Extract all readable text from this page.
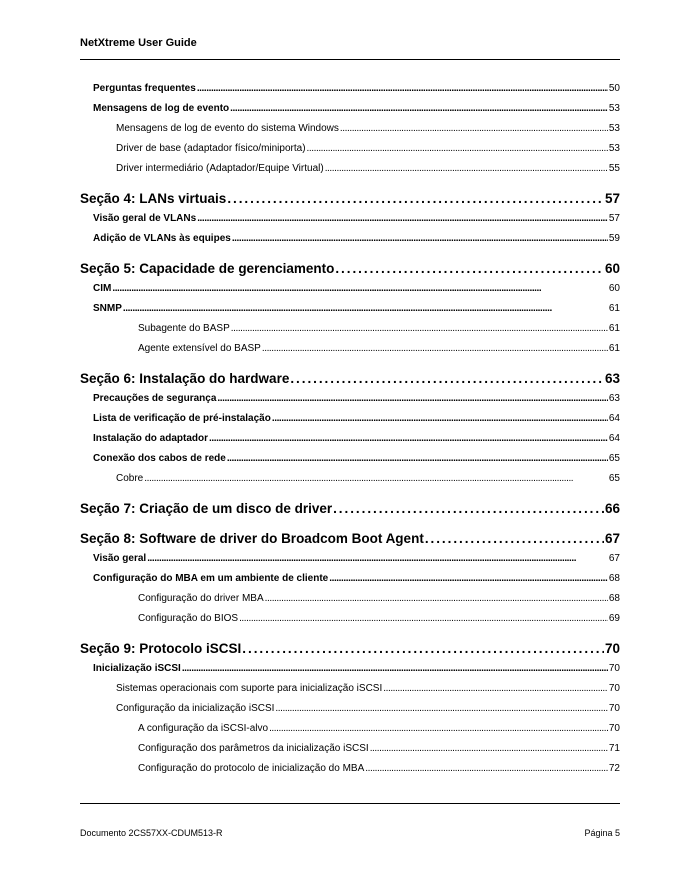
NetXtreme User Guide
Perguntas frequentes . . .	50
Mensagens de log de evento . . .	53
Mensagens de log de evento do sistema Windows . . .	53
Driver de base (adaptador físico/miniporta) . . .	53
Driver intermediário (Adaptador/Equipe Virtual) . . .	55
Seção 4: LANs virtuais . . .	57
Visão geral de VLANs . . .	57
Adição de VLANs às equipes . . .	59
Seção 5: Capacidade de gerenciamento . . .	60
CIM . . .	60
SNMP . . .	61
Subagente do BASP . . .	61
Agente extensível do BASP . . .	61
Seção 6: Instalação do hardware . . .	63
Precauções de segurança . . .	63
Lista de verificação de pré-instalação . . .	64
Instalação do adaptador . . .	64
Conexão dos cabos de rede . . .	65
Cobre . . .	65
Seção 7: Criação de um disco de driver . . .	66
Seção 8: Software de driver do Broadcom Boot Agent . . .	67
Visão geral . . .	67
Configuração do MBA em um ambiente de cliente . . .	68
Configuração do driver MBA . . .	68
Configuração do BIOS . . .	69
Seção 9: Protocolo iSCSI . . .	70
Inicialização iSCSI . . .	70
Sistemas operacionais com suporte para inicialização iSCSI . . .	70
Configuração da inicialização iSCSI . . .	70
A configuração da iSCSI-alvo . . .	70
Configuração dos parâmetros da inicialização iSCSI . . .	71
Configuração do protocolo de inicialização do MBA . . .	72
Documento 2CS57XX-CDUM513-R	Página 5
